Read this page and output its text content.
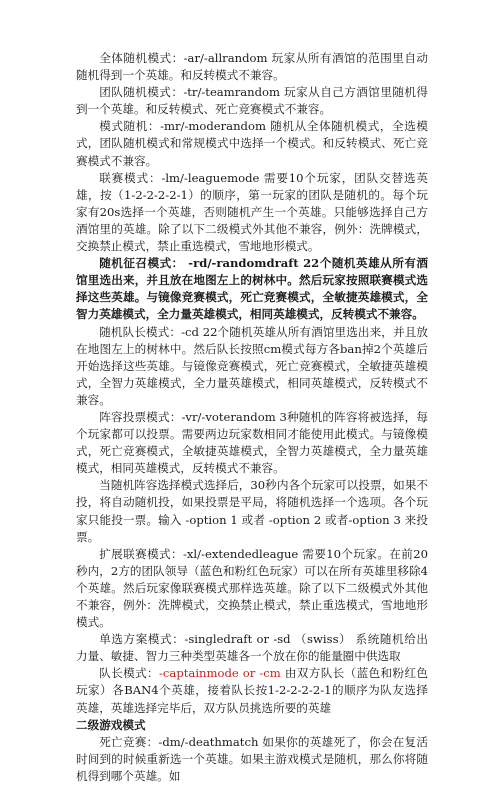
全体随机模式：-ar/-allrandom 玩家从所有酒馆的范围里自动随机得到一个英雄。和反转模式不兼容。

团队随机模式：-tr/-teamrandom 玩家从自己方酒馆里随机得到一个英雄。和反转模式、死亡竞赛模式不兼容。

模式随机：-mr/-moderandom 随机从全体随机模式，全选模式，团队随机模式和常规模式中选择一个模式。和反转模式、死亡竞赛模式不兼容。

联赛模式：-lm/-leaguemode 需要10个玩家，团队交替选英雄，按（1-2-2-2-2-1）的顺序，第一玩家的团队是随机的。每个玩家有20s选择一个英雄，否则随机产生一个英雄。只能够选择自己方酒馆里的英雄。除了以下二级模式外其他不兼容，例外：洗牌模式，交换禁止模式，禁止重选模式，雪地地形模式。

随机征召模式： -rd/-randomdraft 22个随机英雄从所有酒馆里选出来，并且放在地图左上的树林中。然后玩家按照联赛模式选择这些英雄。与镜像竞赛模式，死亡竞赛模式，全敏捷英雄模式，全智力英雄模式，全力量英雄模式，相同英雄模式，反转模式不兼容。

随机队长模式：-cd 22个随机英雄从所有酒馆里选出来，并且放在地图左上的树林中。然后队长按照cm模式每方各ban掉2个英雄后开始选择这些英雄。与镜像竞赛模式，死亡竞赛模式，全敏捷英雄模式，全智力英雄模式，全力量英雄模式，相同英雄模式，反转模式不兼容。

阵容投票模式：-vr/-voterandom 3种随机的阵容将被选择，每个玩家都可以投票。需要两边玩家数相同才能使用此模式。与镜像模式，死亡竞赛模式，全敏捷英雄模式，全智力英雄模式，全力量英雄模式，相同英雄模式，反转模式不兼容。

当随机阵容选择模式选择后，30秒内各个玩家可以投票，如果不投，将自动随机投，如果投票是平局，将随机选择一个选项。各个玩家只能投一票。输入 -option 1 或者 -option 2 或者-option 3 来投票。

扩展联赛模式：-xl/-extendedleague 需要10个玩家。在前20秒内，2方的团队领导（蓝色和粉红色玩家）可以在所有英雄里移除4个英雄。然后玩家像联赛模式那样选英雄。除了以下二级模式外其他不兼容，例外：洗牌模式，交换禁止模式，禁止重选模式，雪地地形模式。

单选方案模式：-singledraft or -sd （swiss） 系统随机给出力量、敏捷、智力三种类型英雄各一个放在你的能量圈中供选取

队长模式：-captainmode or -cm 由双方队长（蓝色和粉红色玩家）各BAN4个英雄，接着队长按1-2-2-2-2-1的顺序为队友选择英雄，英雄选择完毕后，双方队员挑选所要的英雄

二级游戏模式

死亡竞赛：-dm/-deathmatch 如果你的英雄死了，你会在复活时间到的时候重新选一个英雄。如果主游戏模式是随机，那么你将随机得到哪个英雄。如
